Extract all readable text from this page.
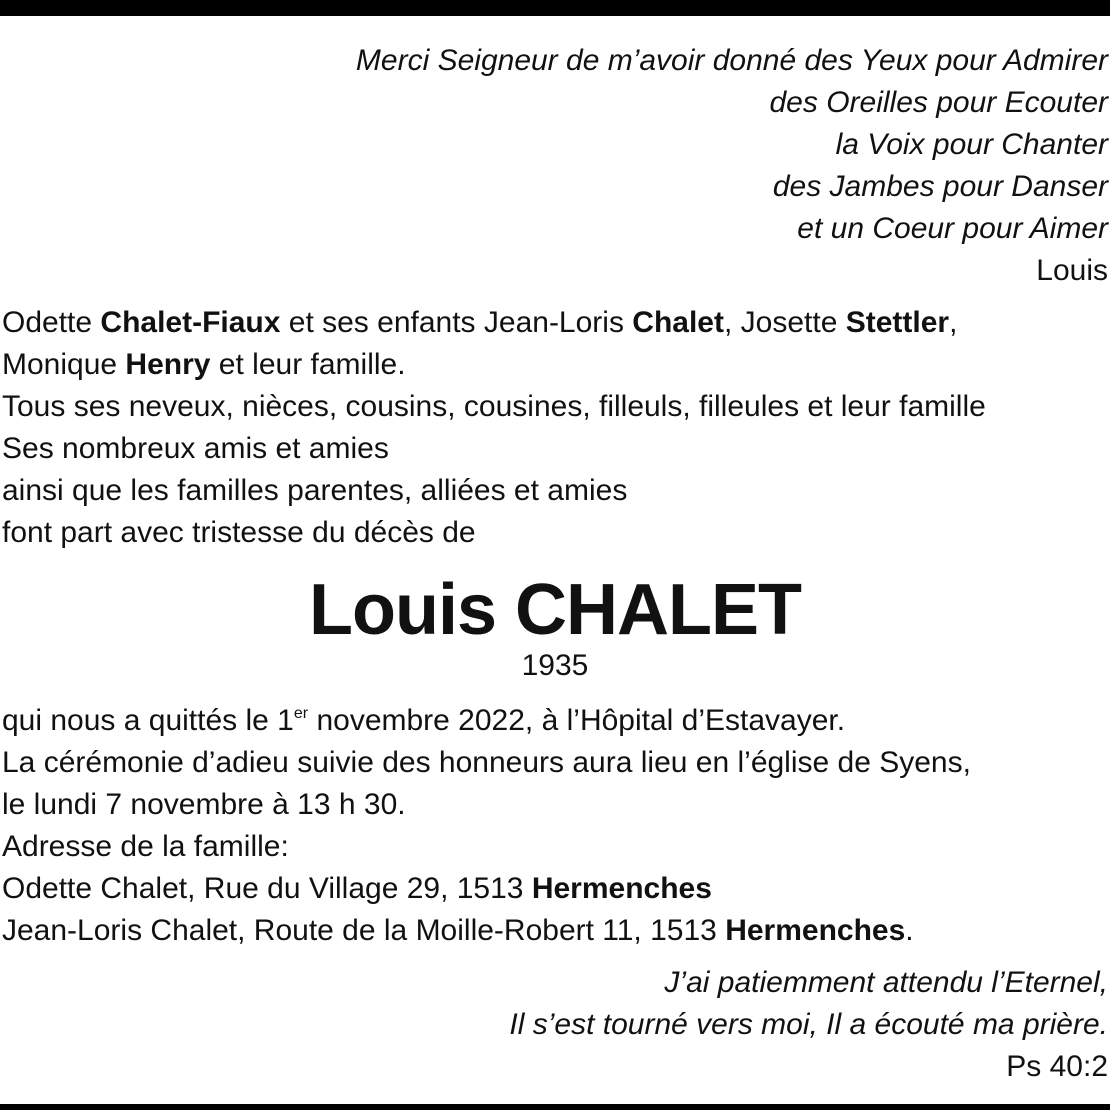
Merci Seigneur de m’avoir donné des Yeux pour Admirer
des Oreilles pour Ecouter
la Voix pour Chanter
des Jambes pour Danser
et un Coeur pour Aimer
Louis
Odette Chalet-Fiaux et ses enfants Jean-Loris Chalet, Josette Stettler,
Monique Henry et leur famille.
Tous ses neveux, nièces, cousins, cousines, filleuls, filleules et leur famille
Ses nombreux amis et amies
ainsi que les familles parentes, alliées et amies
font part avec tristesse du décès de
Louis CHALET
1935
qui nous a quittés le 1er novembre 2022, à l’Hôpital d’Estavayer.
La cérémonie d’adieu suivie des honneurs aura lieu en l’église de Syens,
le lundi 7 novembre à 13 h 30.
Adresse de la famille:
Odette Chalet, Rue du Village 29, 1513 Hermenches
Jean-Loris Chalet, Route de la Moille-Robert 11, 1513 Hermenches.
J’ai patiemment attendu l’Eternel,
Il s’est tourné vers moi, Il a écouté ma prière.
Ps 40:2
